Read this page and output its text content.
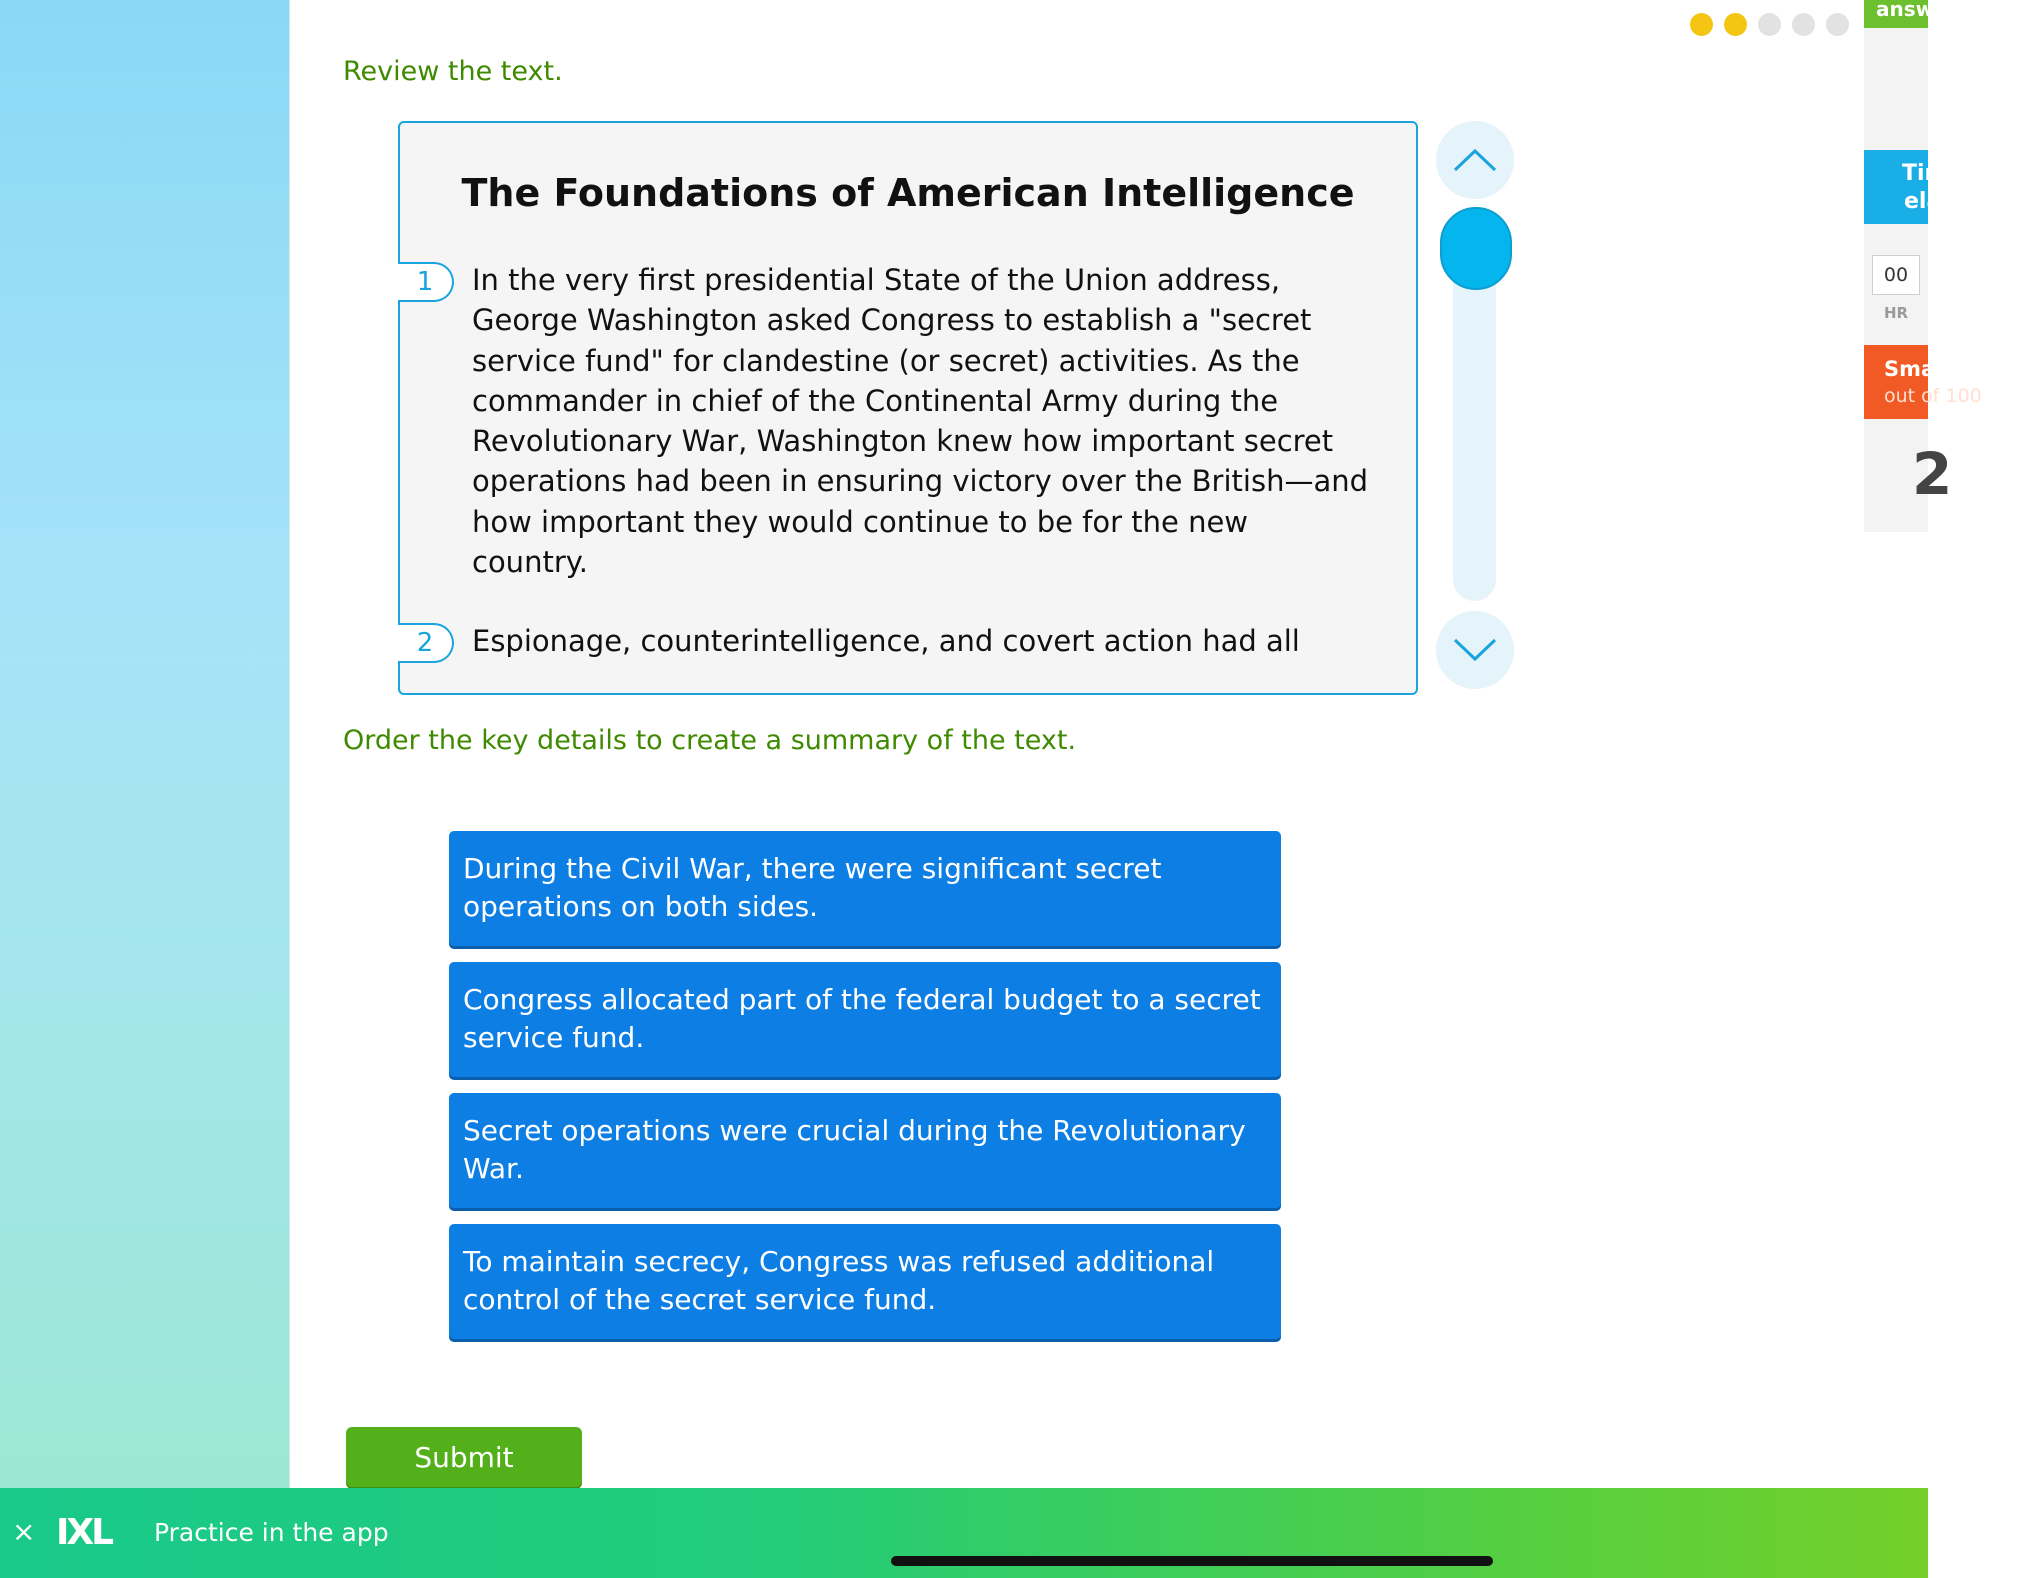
answered
Time
elapsed
00
HR
SmartScore
out of 100
2
Review the text.
The Foundations of American Intelligence
1	In the very first presidential State of the Union address, George Washington asked Congress to establish a "secret service fund" for clandestine (or secret) activities. As the commander in chief of the Continental Army during the Revolutionary War, Washington knew how important secret operations had been in ensuring victory over the British—and how important they would continue to be for the new country.
2	Espionage, counterintelligence, and covert action had all
Order the key details to create a summary of the text.
During the Civil War, there were significant secret operations on both sides.
Congress allocated part of the federal budget to a secret service fund.
Secret operations were crucial during the Revolutionary War.
To maintain secrecy, Congress was refused additional control of the secret service fund.
Submit
× IXL Practice in the app
